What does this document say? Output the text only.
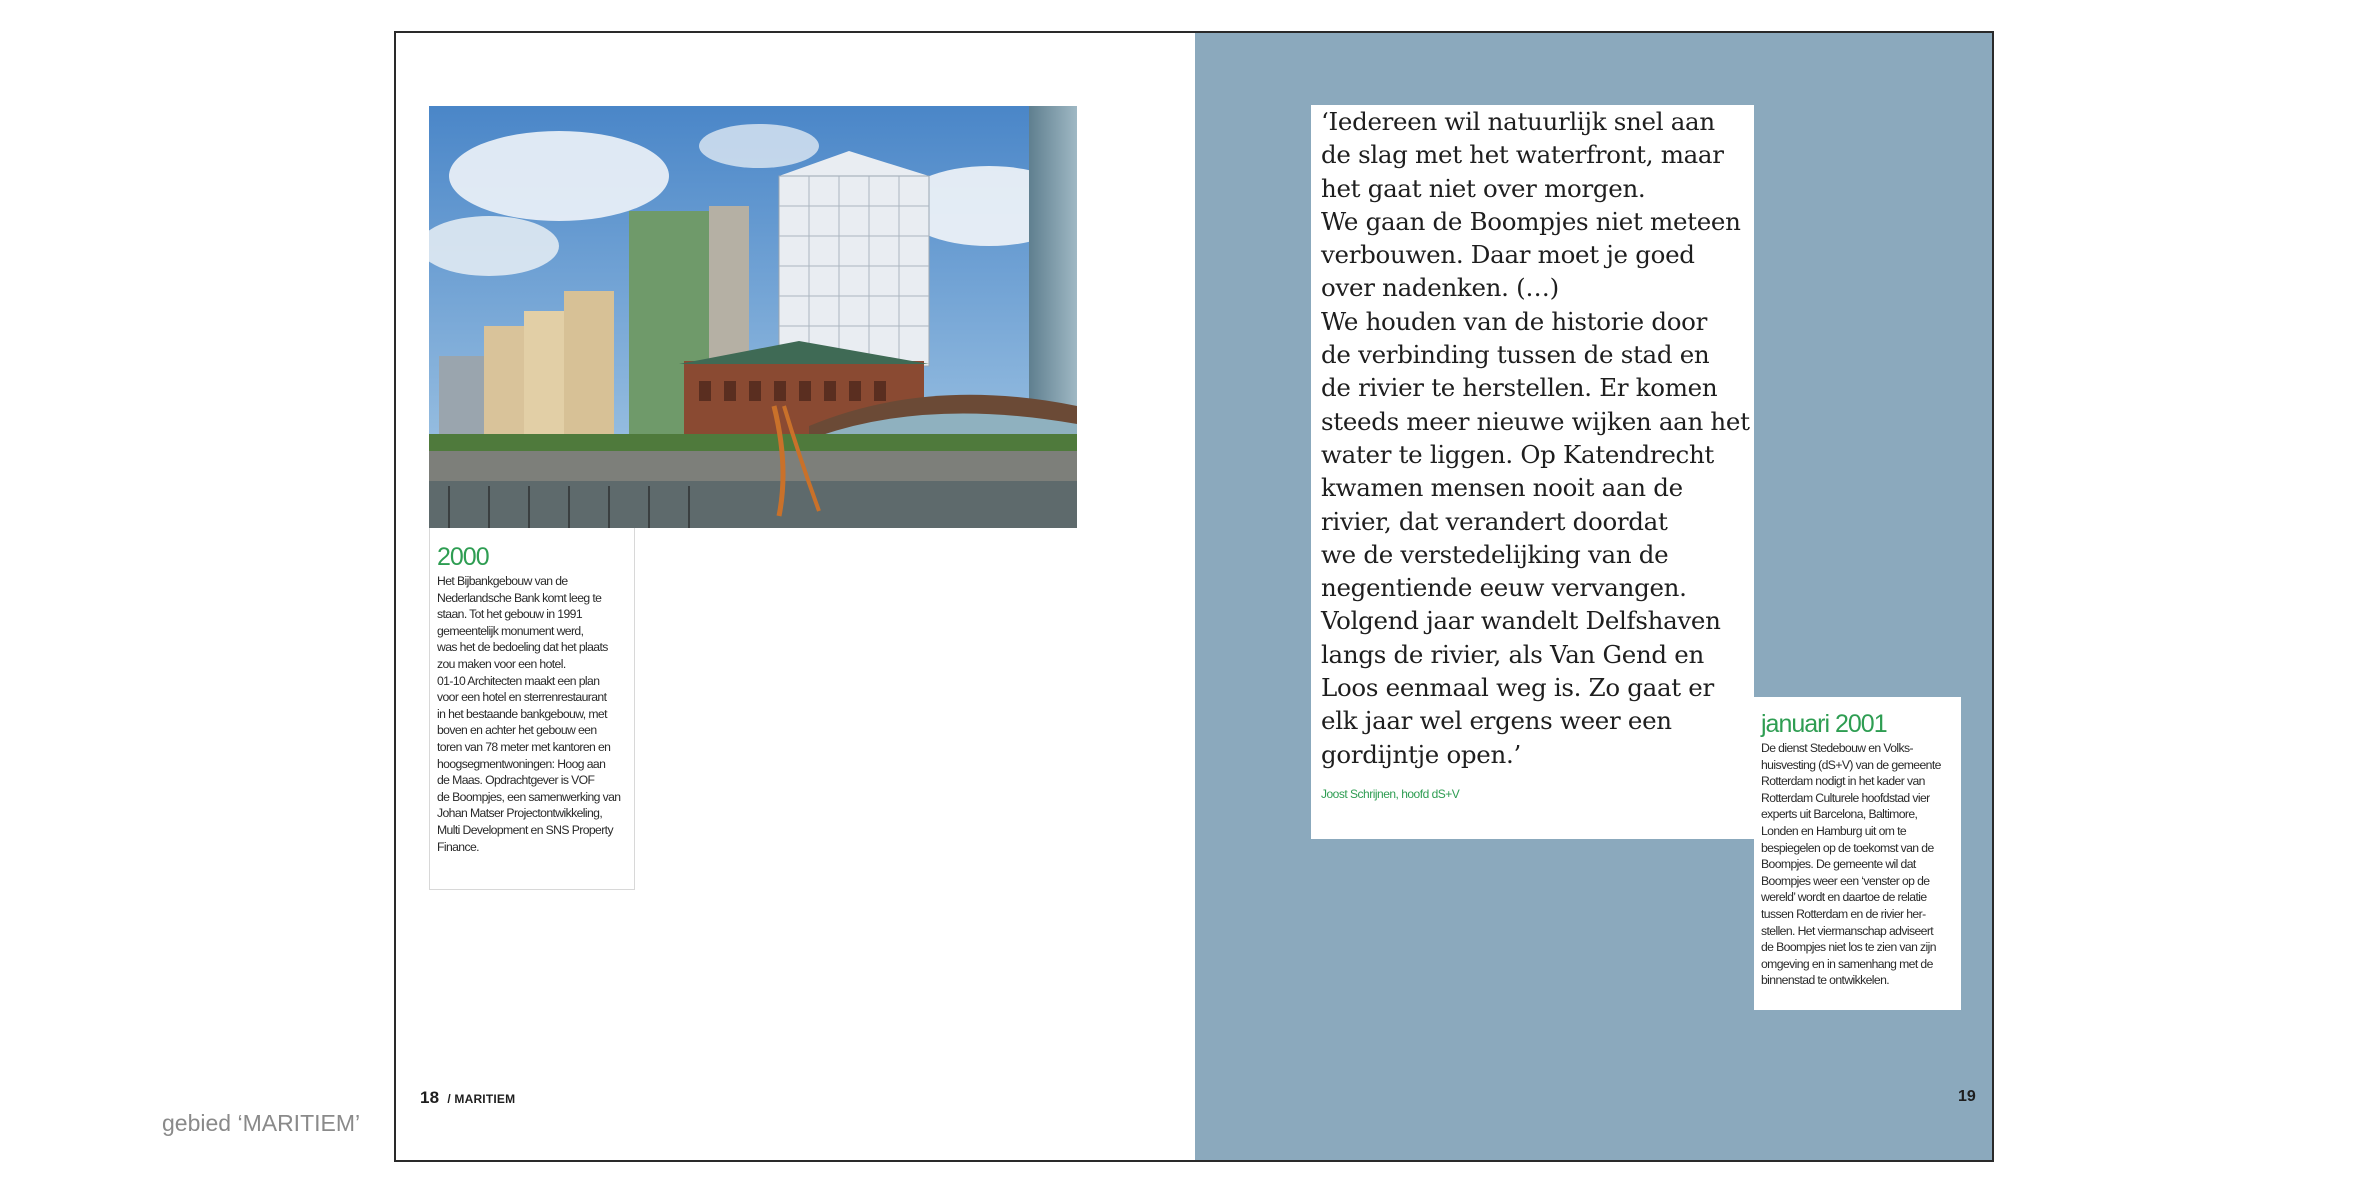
gebied ‘MARITIEM’
2000
Het Bijbankgebouw van de
Nederlandsche Bank komt leeg te
staan. Tot het gebouw in 1991
gemeentelijk monument werd,
was het de bedoeling dat het plaats
zou maken voor een hotel.
01-10 Architecten maakt een plan
voor een hotel en sterrenrestaurant
in het bestaande bankgebouw, met
boven en achter het gebouw een
toren van 78 meter met kantoren en
hoogsegmentwoningen: Hoog aan
de Maas. Opdrachtgever is VOF
de Boompjes, een samenwerking van
Johan Matser Projectontwikkeling,
Multi Development en SNS Property
Finance.
18 / MARITIEM

‘Iedereen wil natuurlijk snel aan
de slag met het waterfront, maar
het gaat niet over morgen.
We gaan de Boompjes niet meteen
verbouwen. Daar moet je goed
over nadenken. (…)
We houden van de historie door
de verbinding tussen de stad en
de rivier te herstellen. Er komen
steeds meer nieuwe wijken aan het
water te liggen. Op Katendrecht
kwamen mensen nooit aan de
rivier, dat verandert doordat
we de verstedelijking van de
negentiende eeuw vervangen.
Volgend jaar wandelt Delfshaven
langs de rivier, als Van Gend en
Loos eenmaal weg is. Zo gaat er
elk jaar wel ergens weer een
gordijntje open.’

Joost Schrijnen, hoofd dS+V
januari 2001
De dienst Stedebouw en Volks-
huisvesting (dS+V) van de gemeente
Rotterdam nodigt in het kader van
Rotterdam Culturele hoofdstad vier
experts uit Barcelona, Baltimore,
Londen en Hamburg uit om te
bespiegelen op de toekomst van de
Boompjes. De gemeente wil dat
Boompjes weer een ‘venster op de
wereld’ wordt en daartoe de relatie
tussen Rotterdam en de rivier her-
stellen. Het viermanschap adviseert
de Boompjes niet los te zien van zijn
omgeving en in samenhang met de
binnenstad te ontwikkelen.
19
